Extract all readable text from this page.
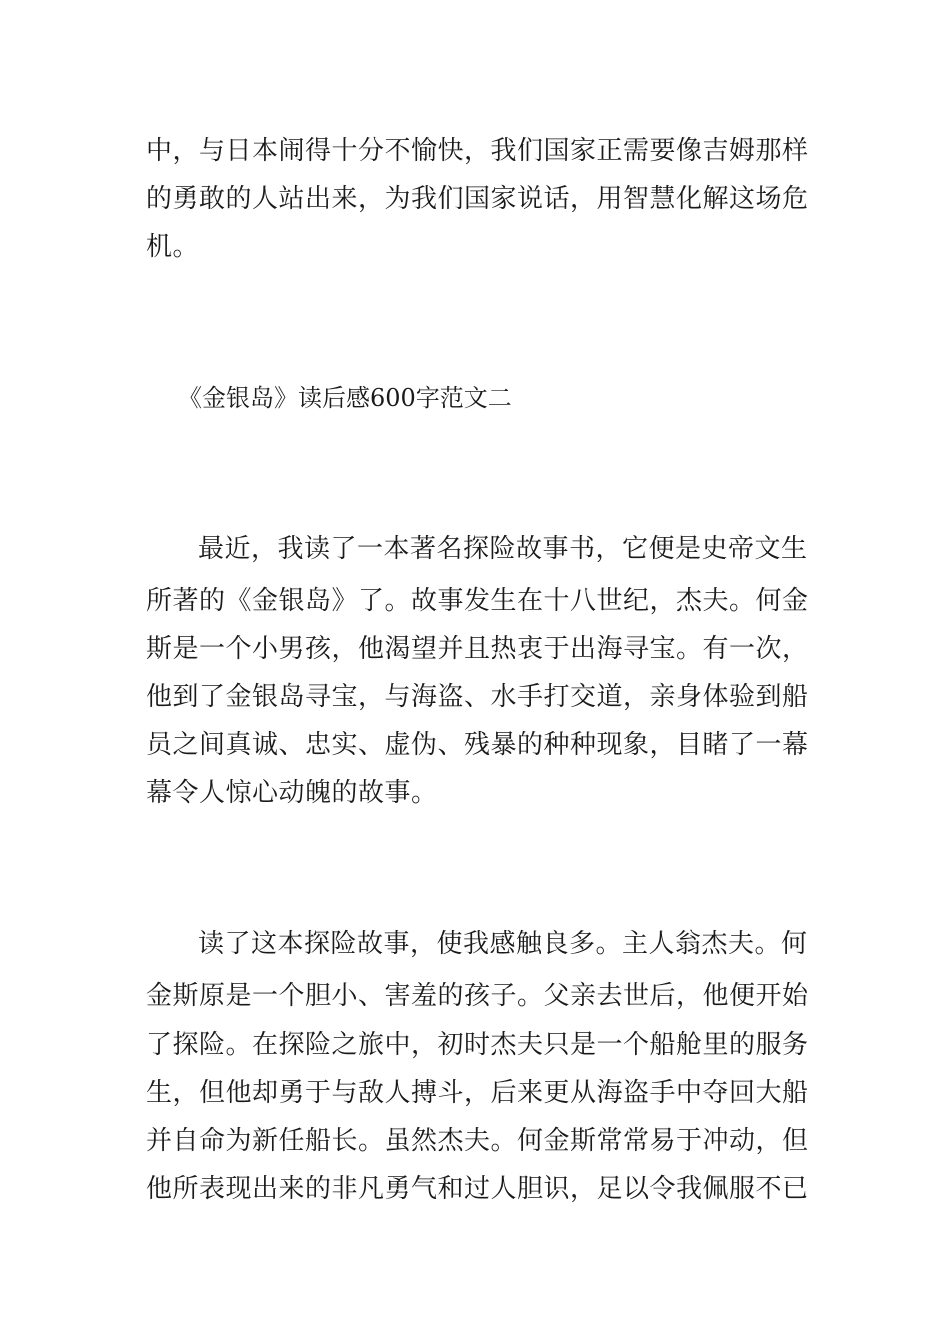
中，与日本闹得十分不愉快，我们国家正需要像吉姆那样
的勇敢的人站出来，为我们国家说话，用智慧化解这场危
机。
《金银岛》读后感600字范文二
最近，我读了一本著名探险故事书，它便是史帝文生
所著的《金银岛》了。故事发生在十八世纪，杰夫。何金
斯是一个小男孩，他渴望并且热衷于出海寻宝。有一次，
他到了金银岛寻宝，与海盗、水手打交道，亲身体验到船
员之间真诚、忠实、虚伪、残暴的种种现象，目睹了一幕
幕令人惊心动魄的故事。
读了这本探险故事，使我感触良多。主人翁杰夫。何
金斯原是一个胆小、害羞的孩子。父亲去世后，他便开始
了探险。在探险之旅中，初时杰夫只是一个船舱里的服务
生，但他却勇于与敌人搏斗，后来更从海盗手中夺回大船
并自命为新任船长。虽然杰夫。何金斯常常易于冲动，但
他所表现出来的非凡勇气和过人胆识，足以令我佩服不已
